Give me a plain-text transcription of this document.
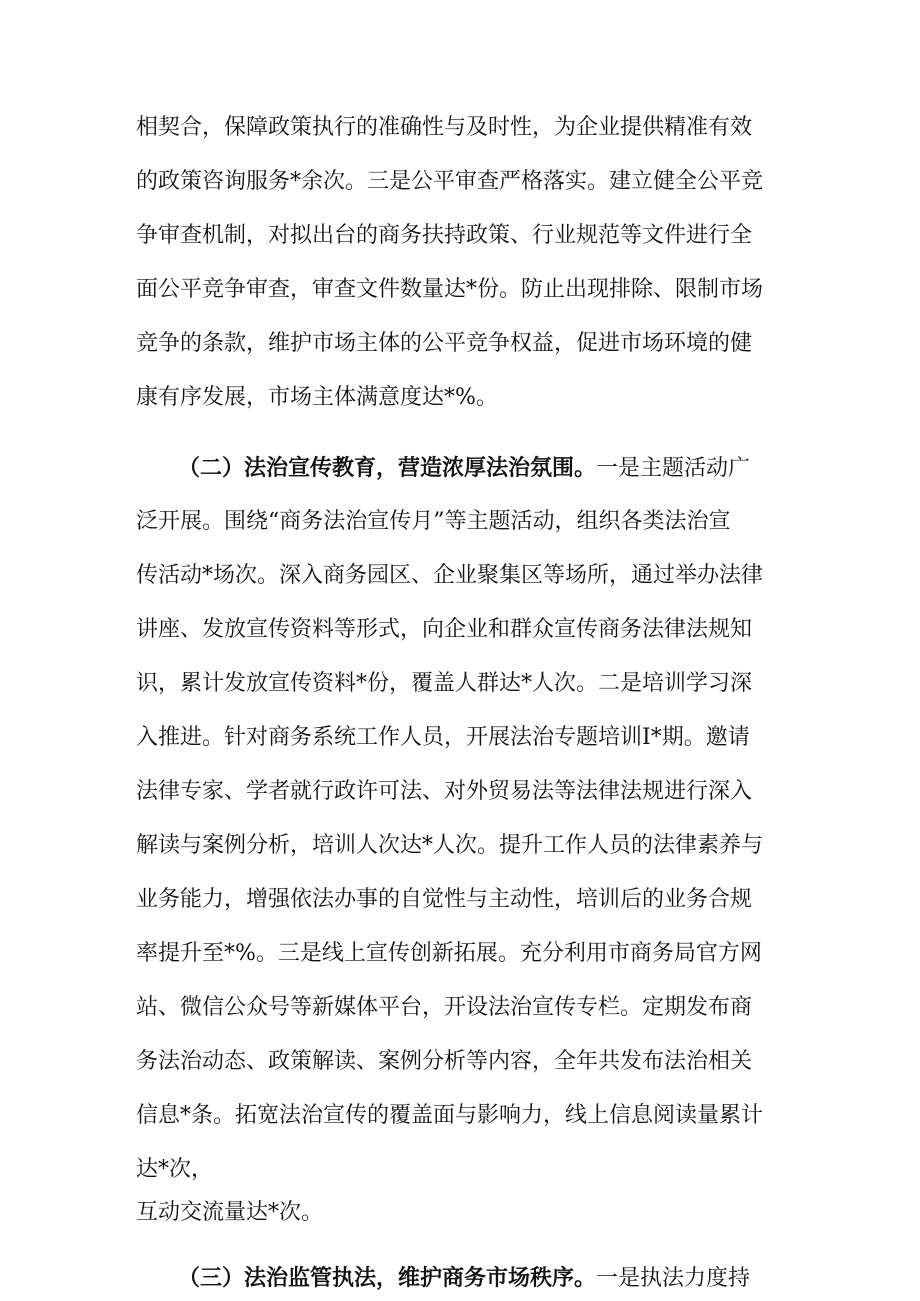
相契合，保障政策执行的准确性与及时性，为企业提供精准有效
的政策咨询服务*余次。三是公平审查严格落实。建立健全公平竞
争审查机制，对拟出台的商务扶持政策、行业规范等文件进行全
面公平竞争审查，审查文件数量达*份。防止出现排除、限制市场
竞争的条款，维护市场主体的公平竞争权益，促进市场环境的健
康有序发展，市场主体满意度达*%。
（二）法治宣传教育，营造浓厚法治氛围。一是主题活动广
泛开展。围绕“商务法治宣传月”等主题活动，组织各类法治宣
传活动*场次。深入商务园区、企业聚集区等场所，通过举办法律
讲座、发放宣传资料等形式，向企业和群众宣传商务法律法规知
识，累计发放宣传资料*份，覆盖人群达*人次。二是培训学习深
入推进。针对商务系统工作人员，开展法治专题培训I*期。邀请
法律专家、学者就行政许可法、对外贸易法等法律法规进行深入
解读与案例分析，培训人次达*人次。提升工作人员的法律素养与
业务能力，增强依法办事的自觉性与主动性，培训后的业务合规
率提升至*%。三是线上宣传创新拓展。充分利用市商务局官方网
站、微信公众号等新媒体平台，开设法治宣传专栏。定期发布商
务法治动态、政策解读、案例分析等内容，全年共发布法治相关
信息*条。拓宽法治宣传的覆盖面与影响力，线上信息阅读量累计
达*次，
互动交流量达*次。
（三）法治监管执法，维护商务市场秩序。一是执法力度持
